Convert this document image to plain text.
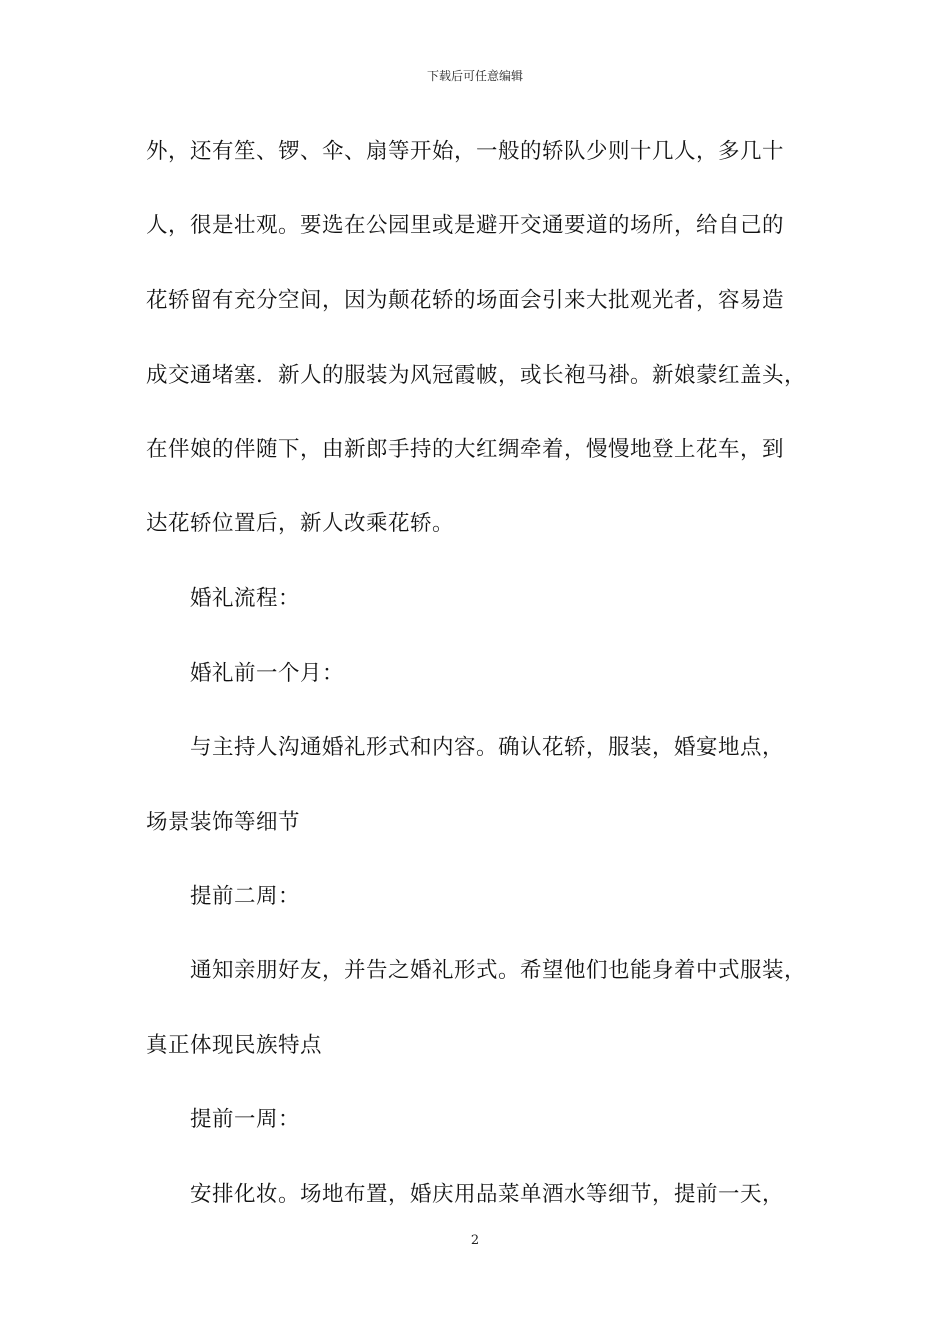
下载后可任意编辑
外，还有笙、锣、伞、扇等开始，一般的轿队少则十几人，多几十
人，很是壮观。要选在公园里或是避开交通要道的场所，给自己的
花轿留有充分空间，因为颠花轿的场面会引来大批观光者，容易造
成交通堵塞．新人的服装为风冠霞帔，或长袍马褂。新娘蒙红盖头，
在伴娘的伴随下，由新郎手持的大红绸牵着，慢慢地登上花车，到
达花轿位置后，新人改乘花轿。
婚礼流程：
婚礼前一个月：
与主持人沟通婚礼形式和内容。确认花轿，服装，婚宴地点，
场景装饰等细节
提前二周：
通知亲朋好友，并告之婚礼形式。希望他们也能身着中式服装，
真正体现民族特点
提前一周：
安排化妆。场地布置，婚庆用品菜单酒水等细节，提前一天，
2
